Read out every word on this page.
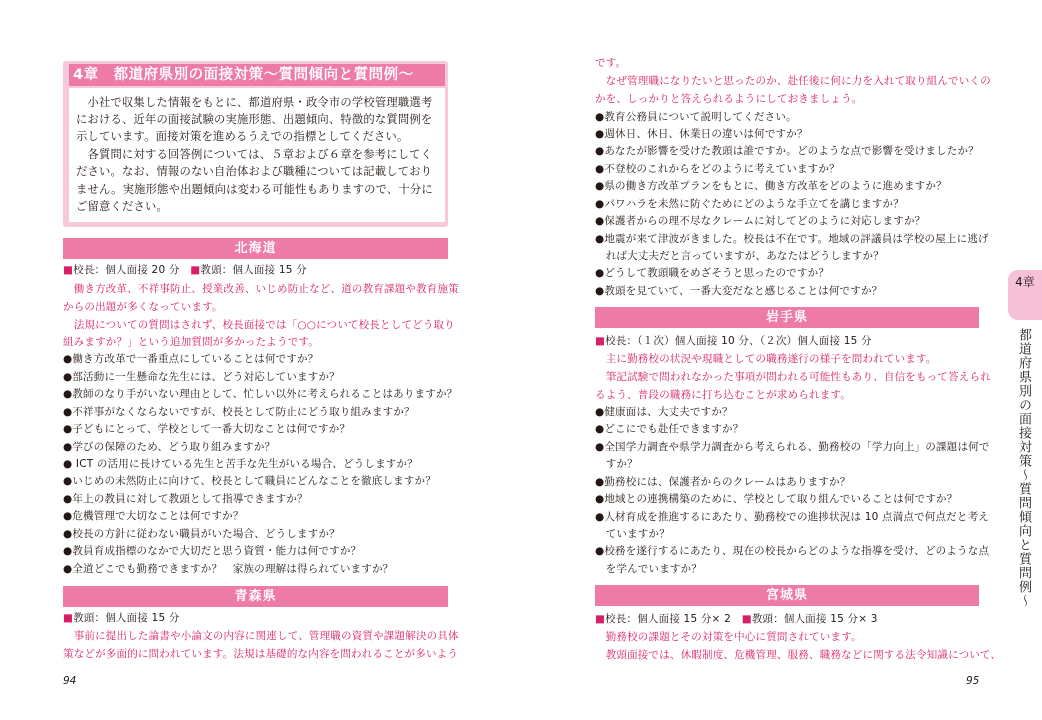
4章　都道府県別の面接対策〜質問傾向と質問例〜
　小社で収集した情報をもとに、都道府県・政令市の学校管理職選考
における、近年の面接試験の実施形態、出題傾向、特徴的な質問例を
示しています。面接対策を進めるうえでの指標としてください。
　各質問に対する回答例については、５章および６章を参考にしてく
ださい。なお、情報のない自治体および職種については記載しており
ません。実施形態や出題傾向は変わる可能性もありますので、十分に
ご留意ください。
北海道
■校長：個人面接 20 分　■教頭：個人面接 15 分
　働き方改革、不祥事防止、授業改善、いじめ防止など、道の教育課題や教育施策
からの出題が多くなっています。
　法規についての質問はされず、校長面接では「○○について校長としてどう取り
組みますか？」という追加質問が多かったようです。
●働き方改革で一番重点にしていることは何ですか？
●部活動に一生懸命な先生には、どう対応していますか？
●教師のなり手がいない理由として、忙しい以外に考えられることはありますか？
●不祥事がなくならないですが、校長として防止にどう取り組みますか？
●子どもにとって、学校として一番大切なことは何ですか？
●学びの保障のため、どう取り組みますか？
● ICT の活用に長けている先生と苦手な先生がいる場合、どうしますか？
●いじめの未然防止に向けて、校長として職員にどんなことを徹底しますか？
●年上の教員に対して教頭として指導できますか？
●危機管理で大切なことは何ですか？
●校長の方針に従わない職員がいた場合、どうしますか？
●教員育成指標のなかで大切だと思う資質・能力は何ですか？
●全道どこでも勤務できますか？　家族の理解は得られていますか？
青森県
■教頭：個人面接 15 分
　事前に提出した論書や小論文の内容に関連して、管理職の資質や課題解決の具体
策などが多面的に問われています。法規は基礎的な内容を問われることが多いよう
94
です。
　なぜ管理職になりたいと思ったのか、赴任後に何に力を入れて取り組んでいくの
かを、しっかりと答えられるようにしておきましょう。
●教育公務員について説明してください。
●週休日、休日、休業日の違いは何ですか？
●あなたが影響を受けた教頭は誰ですか。どのような点で影響を受けましたか？
●不登校のこれからをどのように考えていますか？
●県の働き方改革プランをもとに、働き方改革をどのように進めますか？
●パワハラを未然に防ぐためにどのような手立てを講じますか？
●保護者からの理不尽なクレームに対してどのように対応しますか？
●地震が来て津波がきました。校長は不在です。地域の評議員は学校の屋上に逃げ
　れば大丈夫だと言っていますが、あなたはどうしますか？
●どうして教頭職をめざそうと思ったのですか？
●教頭を見ていて、一番大変だなと感じることは何ですか？
岩手県
■校長：（１次）個人面接 10 分、（２次）個人面接 15 分
　主に勤務校の状況や現職としての職務遂行の様子を問われています。
　筆記試験で問われなかった事項が問われる可能性もあり、自信をもって答えられ
るよう、普段の職務に打ち込むことが求められます。
●健康面は、大丈夫ですか？
●どこにでも赴任できますか？
●全国学力調査や県学力調査から考えられる、勤務校の「学力向上」の課題は何で
　すか？
●勤務校には、保護者からのクレームはありますか？
●地域との連携構築のために、学校として取り組んでいることは何ですか？
●人材育成を推進するにあたり、勤務校での進捗状況は 10 点満点で何点だと考え
　ていますか？
●校務を遂行するにあたり、現在の校長からどのような指導を受け、どのような点
　を学んでいますか？
宮城県
■校長：個人面接 15 分× 2　■教頭：個人面接 15 分× 3
　勤務校の課題とその対策を中心に質問されています。
　教頭面接では、休暇制度、危機管理、服務、職務などに関する法令知識について、
95
4章
都道府県別の面接対策〜質問傾向と質問例〜
